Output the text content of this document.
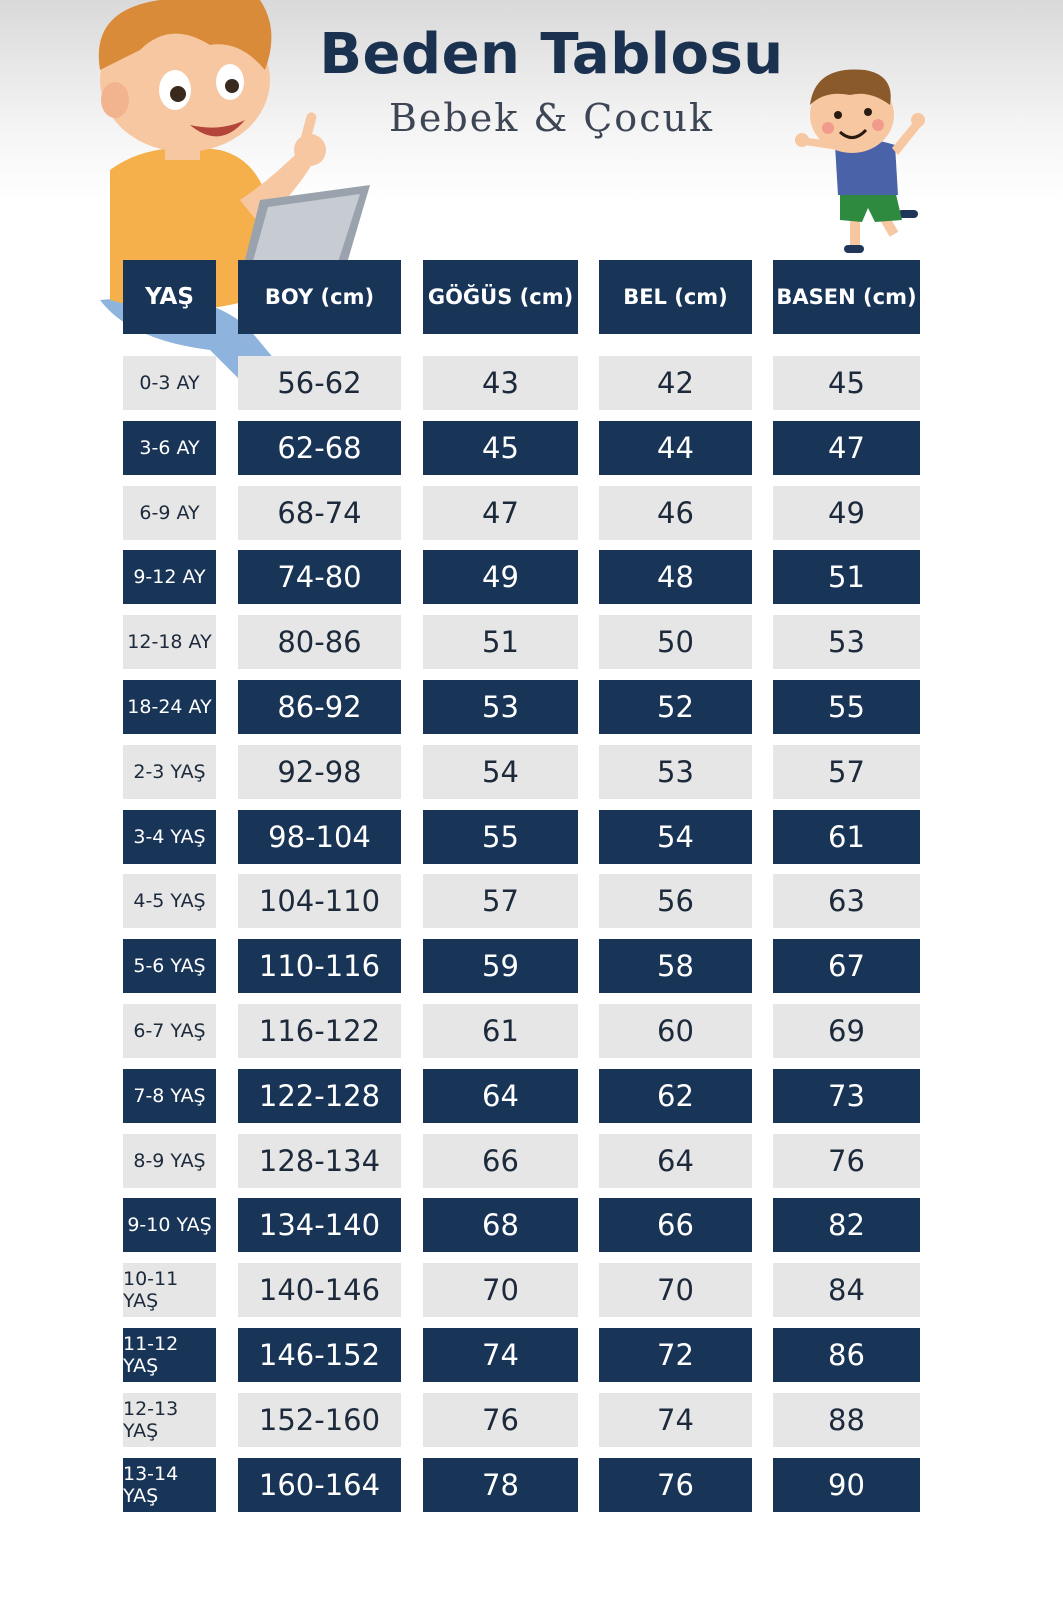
Beden Tablosu
Bebek & Çocuk
YAŞ	BOY (cm)	GÖĞÜS (cm)	BEL (cm)	BASEN (cm)
0-3 AY	56-62	43	42	45
3-6 AY	62-68	45	44	47
6-9 AY	68-74	47	46	49
9-12 AY	74-80	49	48	51
12-18 AY	80-86	51	50	53
18-24 AY	86-92	53	52	55
2-3 YAŞ	92-98	54	53	57
3-4 YAŞ	98-104	55	54	61
4-5 YAŞ	104-110	57	56	63
5-6 YAŞ	110-116	59	58	67
6-7 YAŞ	116-122	61	60	69
7-8 YAŞ	122-128	64	62	73
8-9 YAŞ	128-134	66	64	76
9-10 YAŞ	134-140	68	66	82
10-11 YAŞ	140-146	70	70	84
11-12 YAŞ	146-152	74	72	86
12-13 YAŞ	152-160	76	74	88
13-14 YAŞ	160-164	78	76	90
